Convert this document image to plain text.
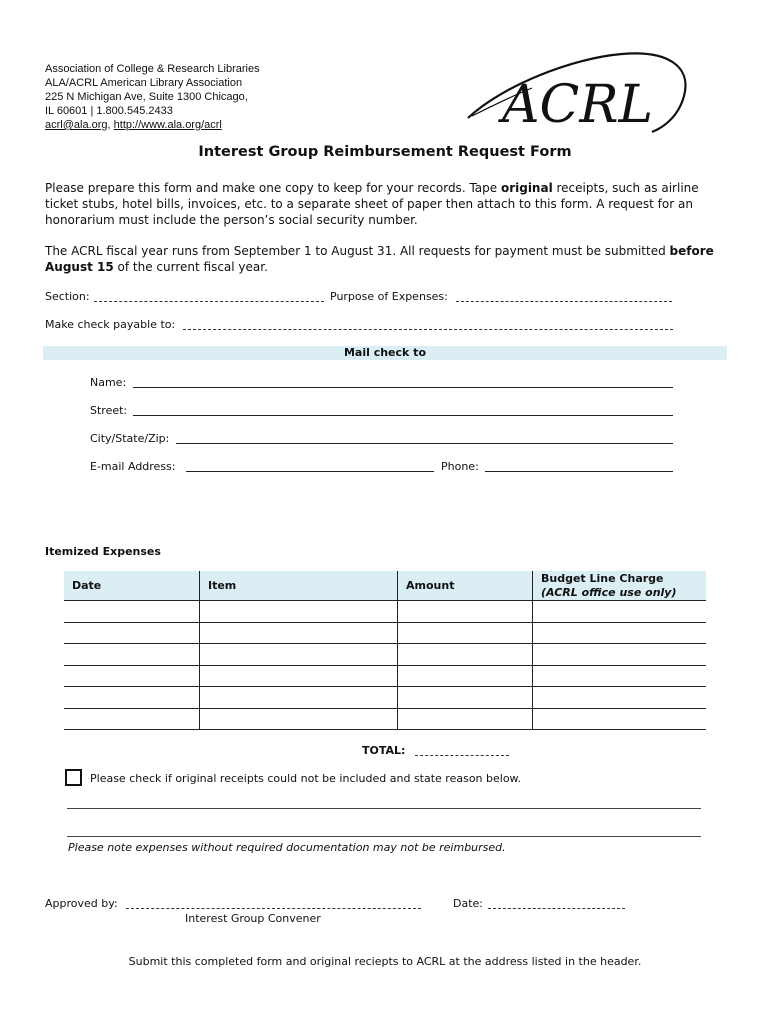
Association of College & Research Libraries
ALA/ACRL American Library Association
225 N Michigan Ave, Suite 1300 Chicago,
IL 60601 | 1.800.545.2433
acrl@ala.org, http://www.ala.org/acrl	ACRL
Interest Group Reimbursement Request Form
Please prepare this form and make one copy to keep for your records. Tape original receipts, such as airline ticket stubs, hotel bills, invoices, etc. to a separate sheet of paper then attach to this form. A request for an honorarium must include the person’s social security number.
The ACRL fiscal year runs from September 1 to August 31. All requests for payment must be submitted before August 15 of the current fiscal year.
Section:	Purpose of Expenses:
Make check payable to:
Mail check to
Name:
Street:
City/State/Zip:
E-mail Address:	Phone:
Itemized Expenses
Date	Item	Amount	Budget Line Charge
(ACRL office use only)

TOTAL:
Please check if original receipts could not be included and state reason below.
Please note expenses without required documentation may not be reimbursed.
Approved by:	Date:
Interest Group Convener
Submit this completed form and original reciepts to ACRL at the address listed in the header.
